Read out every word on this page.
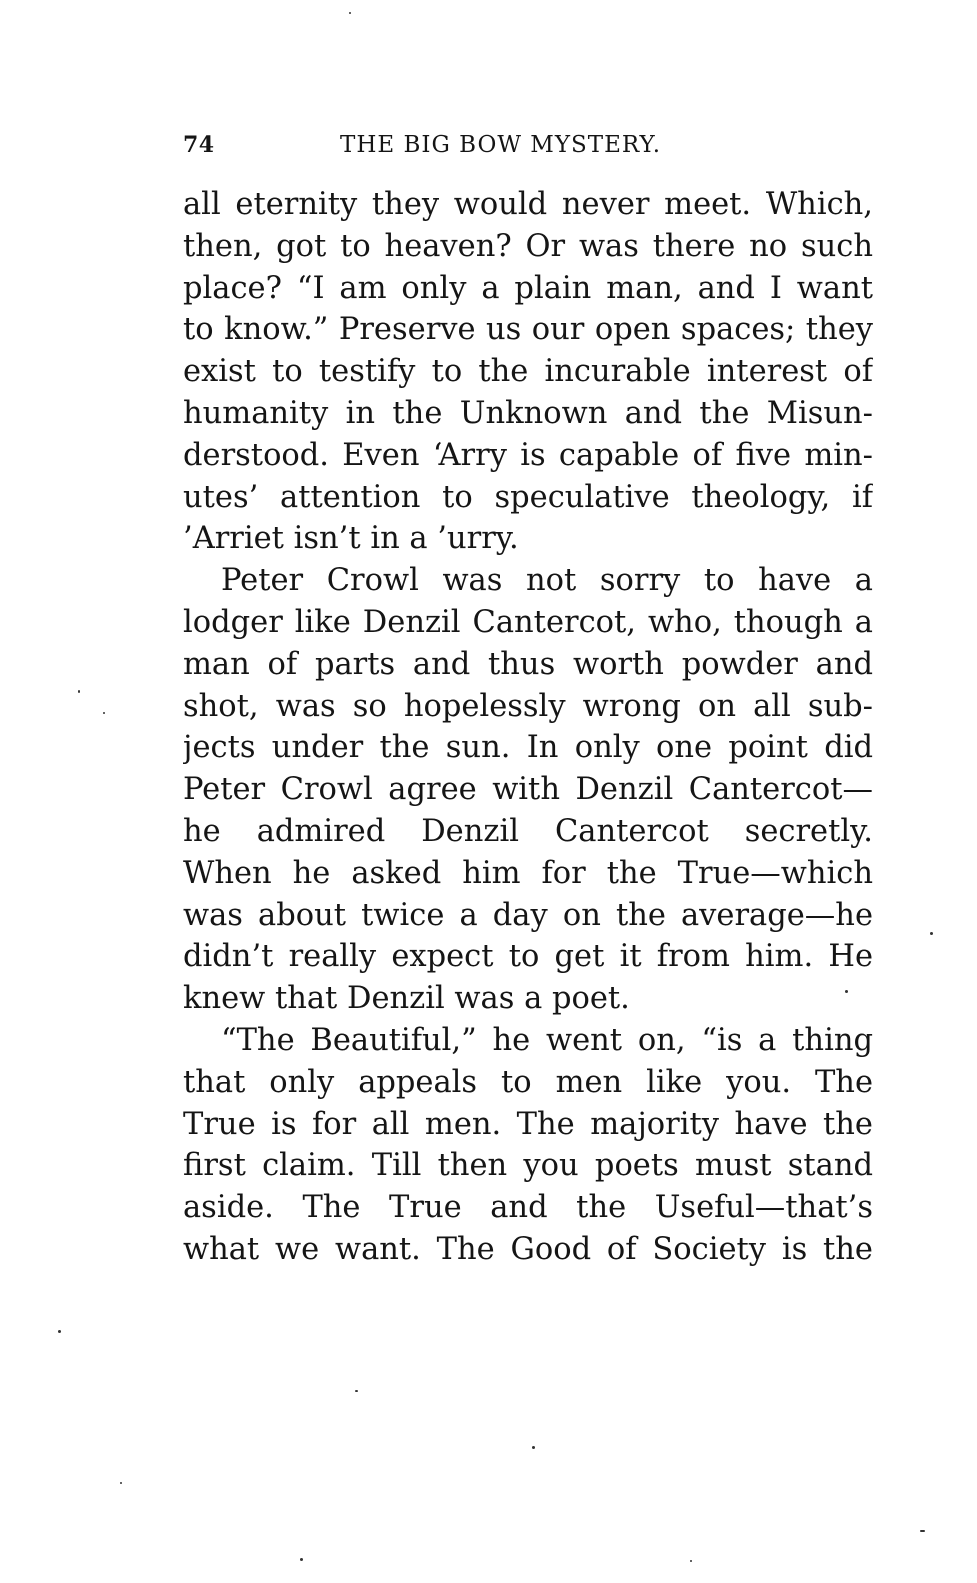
74	THE BIG BOW MYSTERY.
all eternity they would never meet. Which,
then, got to heaven? Or was there no such
place? “I am only a plain man, and I want
to know.” Preserve us our open spaces; they
exist to testify to the incurable interest of
humanity in the Unknown and the Misun-
derstood. Even ‘Arry is capable of five min-
utes’ attention to speculative theology, if
’Arriet isn’t in a ’urry.
Peter Crowl was not sorry to have a
lodger like Denzil Cantercot, who, though a
man of parts and thus worth powder and
shot, was so hopelessly wrong on all sub-
jects under the sun. In only one point did
Peter Crowl agree with Denzil Cantercot—
he admired Denzil Cantercot secretly.
When he asked him for the True—which
was about twice a day on the average—he
didn’t really expect to get it from him. He
knew that Denzil was a poet.
“The Beautiful,” he went on, “is a thing
that only appeals to men like you. The
True is for all men. The majority have the
first claim. Till then you poets must stand
aside. The True and the Useful—that’s
what we want. The Good of Society is the
